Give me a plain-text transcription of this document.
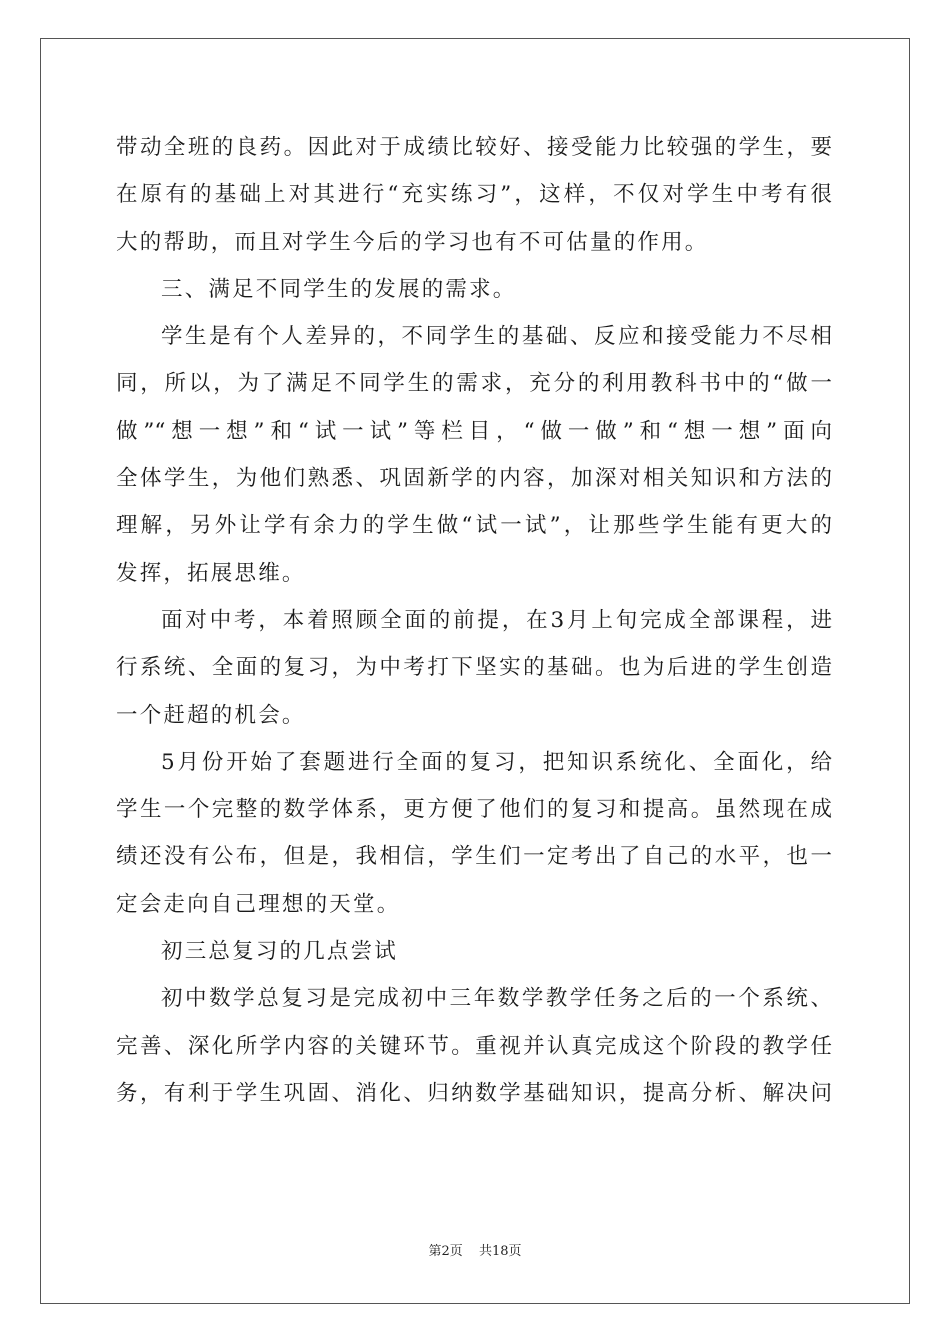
带动全班的良药。因此对于成绩比较好、接受能力比较强的学生，要
在原有的基础上对其进行“充实练习”，这样，不仅对学生中考有很
大的帮助，而且对学生今后的学习也有不可估量的作用。
三、满足不同学生的发展的需求。
学生是有个人差异的，不同学生的基础、反应和接受能力不尽相
同，所以，为了满足不同学生的需求，充分的利用教科书中的“做一
做”“想一想”和“试一试”等栏目，“做一做”和“想一想”面向
全体学生，为他们熟悉、巩固新学的内容，加深对相关知识和方法的
理解，另外让学有余力的学生做“试一试”，让那些学生能有更大的
发挥，拓展思维。
面对中考，本着照顾全面的前提，在3月上旬完成全部课程，进
行系统、全面的复习，为中考打下坚实的基础。也为后进的学生创造
一个赶超的机会。
5月份开始了套题进行全面的复习，把知识系统化、全面化，给
学生一个完整的数学体系，更方便了他们的复习和提高。虽然现在成
绩还没有公布，但是，我相信，学生们一定考出了自己的水平，也一
定会走向自己理想的天堂。
初三总复习的几点尝试
初中数学总复习是完成初中三年数学教学任务之后的一个系统、
完善、深化所学内容的关键环节。重视并认真完成这个阶段的教学任
务，有利于学生巩固、消化、归纳数学基础知识，提高分析、解决问
第2页 共18页
